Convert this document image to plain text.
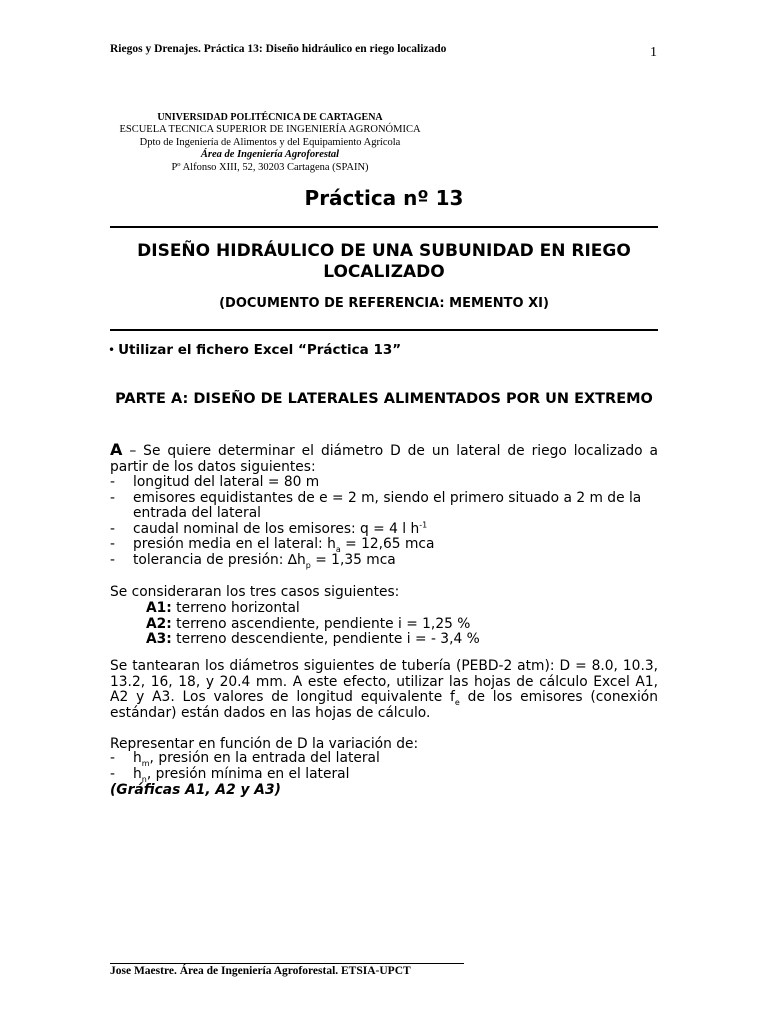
Riegos y Drenajes. Práctica 13: Diseño hidráulico en riego localizado	1
UNIVERSIDAD POLITÉCNICA DE CARTAGENA
ESCUELA TECNICA SUPERIOR DE INGENIERÍA AGRONÓMICA
Dpto de Ingeniería de Alimentos y del Equipamiento Agrícola
Área de Ingeniería Agroforestal
Pº Alfonso XIII, 52, 30203 Cartagena (SPAIN)
Práctica nº 13
DISEÑO HIDRÁULICO DE UNA SUBUNIDAD EN RIEGO LOCALIZADO
(DOCUMENTO DE REFERENCIA: MEMENTO XI)
• Utilizar el fichero Excel “Práctica 13”
PARTE A: DISEÑO DE LATERALES ALIMENTADOS POR UN EXTREMO
A – Se quiere determinar el diámetro D de un lateral de riego localizado a partir de los datos siguientes:
- longitud del lateral = 80 m
- emisores equidistantes de e = 2 m, siendo el primero situado a 2 m de la entrada del lateral
- caudal nominal de los emisores: q = 4 l $h^{-1}$
- presión media en el lateral: $h_a = 12,65$ mca
- tolerancia de presión: $\Delta h_p = 1,35$ mca
Se consideraran los tres casos siguientes:
A1: terreno horizontal
A2: terreno ascendiente, pendiente i = 1,25 %
A3: terreno descendiente, pendiente i = - 3,4 %
Se tantearan los diámetros siguientes de tubería (PEBD-2 atm): D = 8.0, 10.3, 13.2, 16, 18, y 20.4 mm. A este efecto, utilizar las hojas de cálculo Excel A1, A2 y A3. Los valores de longitud equivalente $f_e$ de los emisores (conexión estándar) están dados en las hojas de cálculo.
Representar en función de D la variación de:
- $h_m$, presión en la entrada del lateral
- $h_n$, presión mínima en el lateral
(Gráficas A1, A2 y A3)
Jose Maestre. Área de Ingeniería Agroforestal. ETSIA-UPCT
